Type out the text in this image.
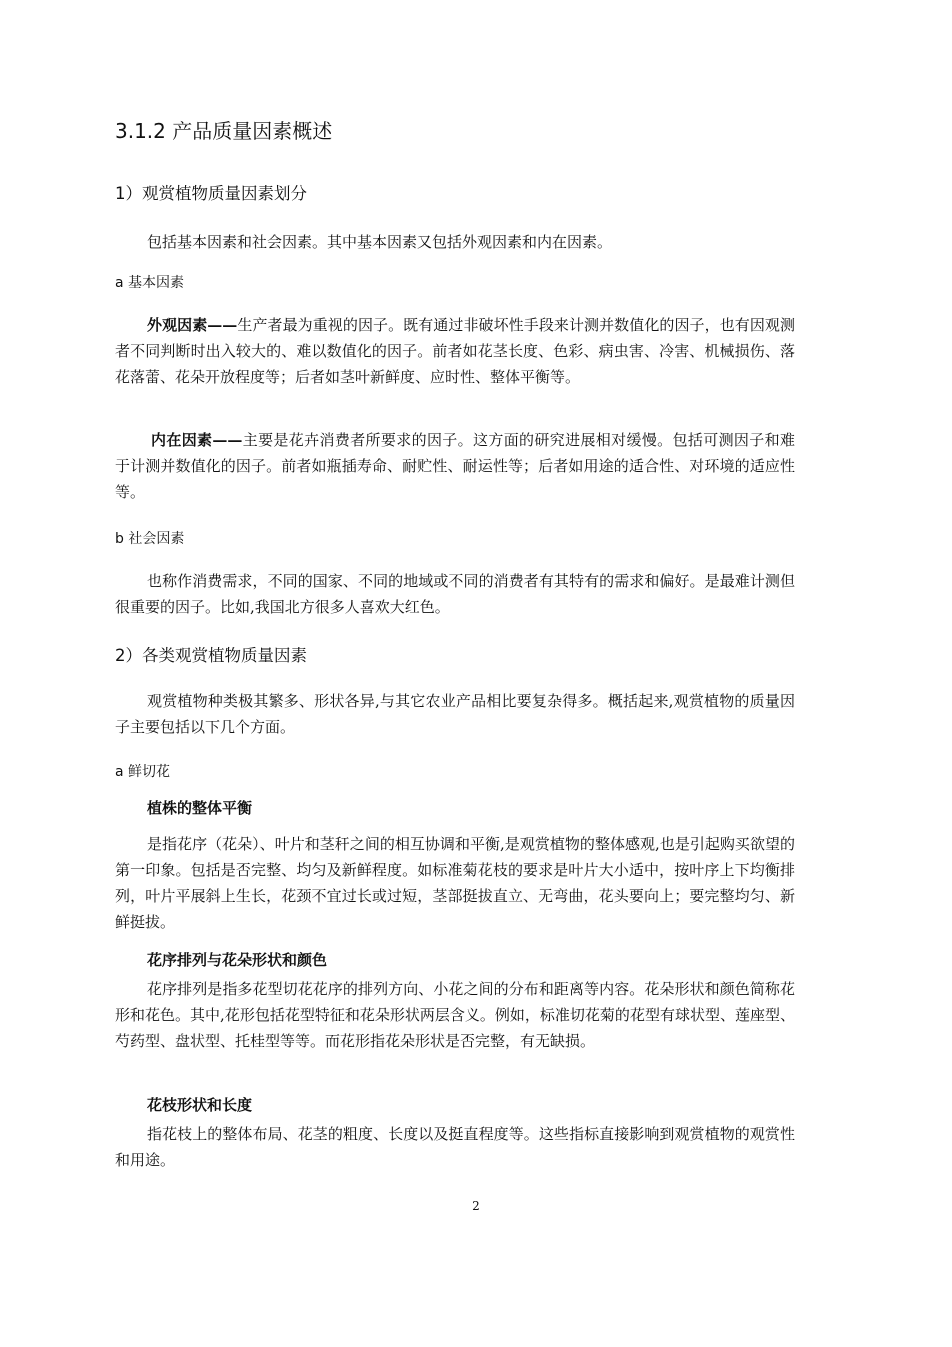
3.1.2 产品质量因素概述
1）观赏植物质量因素划分
包括基本因素和社会因素。其中基本因素又包括外观因素和内在因素。
a 基本因素
外观因素——生产者最为重视的因子。既有通过非破坏性手段来计测并数值化的因子，也有因观测者不同判断时出入较大的、难以数值化的因子。前者如花茎长度、色彩、病虫害、冷害、机械损伤、落花落蕾、花朵开放程度等；后者如茎叶新鲜度、应时性、整体平衡等。
内在因素——主要是花卉消费者所要求的因子。这方面的研究进展相对缓慢。包括可测因子和难于计测并数值化的因子。前者如瓶插寿命、耐贮性、耐运性等；后者如用途的适合性、对环境的适应性等。
b 社会因素
也称作消费需求，不同的国家、不同的地域或不同的消费者有其特有的需求和偏好。是最难计测但很重要的因子。比如,我国北方很多人喜欢大红色。
2）各类观赏植物质量因素
观赏植物种类极其繁多、形状各异,与其它农业产品相比要复杂得多。概括起来,观赏植物的质量因子主要包括以下几个方面。
a 鲜切花
植株的整体平衡
是指花序（花朵）、叶片和茎秆之间的相互协调和平衡,是观赏植物的整体感观,也是引起购买欲望的第一印象。包括是否完整、均匀及新鲜程度。如标准菊花枝的要求是叶片大小适中，按叶序上下均衡排列，叶片平展斜上生长，花颈不宜过长或过短，茎部挺拔直立、无弯曲，花头要向上；要完整均匀、新鲜挺拔。
花序排列与花朵形状和颜色
花序排列是指多花型切花花序的排列方向、小花之间的分布和距离等内容。花朵形状和颜色简称花形和花色。其中,花形包括花型特征和花朵形状两层含义。例如，标准切花菊的花型有球状型、莲座型、芍药型、盘状型、托桂型等等。而花形指花朵形状是否完整，有无缺损。
花枝形状和长度
指花枝上的整体布局、花茎的粗度、长度以及挺直程度等。这些指标直接影响到观赏植物的观赏性和用途。
2
